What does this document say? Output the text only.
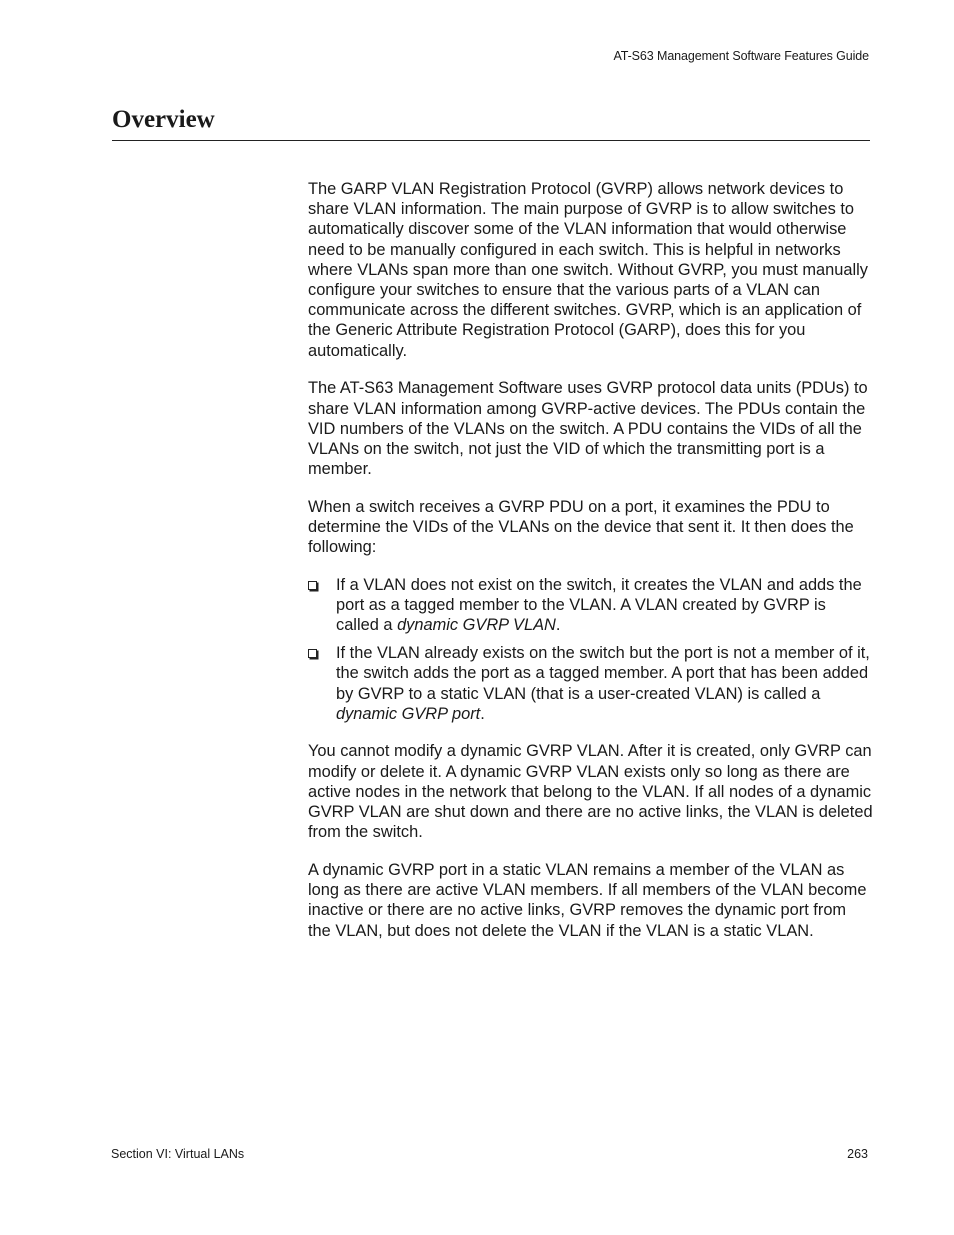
AT-S63 Management Software Features Guide
Overview

The GARP VLAN Registration Protocol (GVRP) allows network devices to share VLAN information. The main purpose of GVRP is to allow switches to automatically discover some of the VLAN information that would otherwise need to be manually configured in each switch. This is helpful in networks where VLANs span more than one switch. Without GVRP, you must manually configure your switches to ensure that the various parts of a VLAN can communicate across the different switches. GVRP, which is an application of the Generic Attribute Registration Protocol (GARP), does this for you automatically.

The AT-S63 Management Software uses GVRP protocol data units (PDUs) to share VLAN information among GVRP-active devices. The PDUs contain the VID numbers of the VLANs on the switch. A PDU contains the VIDs of all the VLANs on the switch, not just the VID of which the transmitting port is a member.

When a switch receives a GVRP PDU on a port, it examines the PDU to determine the VIDs of the VLANs on the device that sent it. It then does the following:

If a VLAN does not exist on the switch, it creates the VLAN and adds the port as a tagged member to the VLAN. A VLAN created by GVRP is called a dynamic GVRP VLAN.
If the VLAN already exists on the switch but the port is not a member of it, the switch adds the port as a tagged member. A port that has been added by GVRP to a static VLAN (that is a user-created VLAN) is called a dynamic GVRP port.

You cannot modify a dynamic GVRP VLAN. After it is created, only GVRP can modify or delete it. A dynamic GVRP VLAN exists only so long as there are active nodes in the network that belong to the VLAN. If all nodes of a dynamic GVRP VLAN are shut down and there are no active links, the VLAN is deleted from the switch.

A dynamic GVRP port in a static VLAN remains a member of the VLAN as long as there are active VLAN members. If all members of the VLAN become inactive or there are no active links, GVRP removes the dynamic port from the VLAN, but does not delete the VLAN if the VLAN is a static VLAN.

Section VI: Virtual LANs	263
